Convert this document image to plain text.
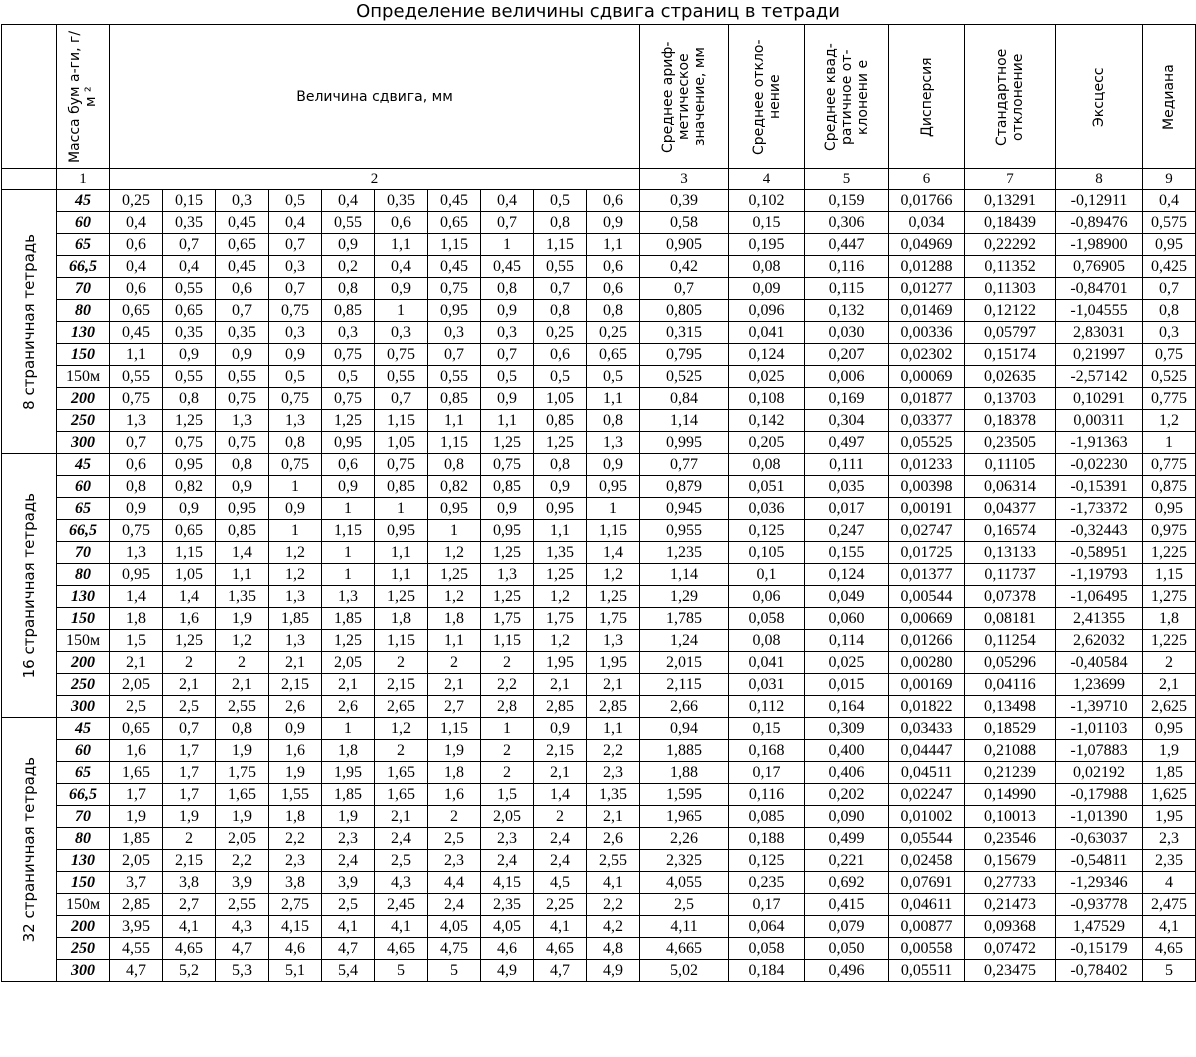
Определение величины сдвига страниц в тетради

	Масса бум а-ги, г/м ²	Величина сдвига, мм										Среднее ариф-метическое значение, мм	Среднее откло-нение	Среднее квад-ратичное от-клонени е	Дисперсия	Стандартное отклонение	Эксцесс	Медиана

	1	2										3	4	5	6	7	8	9

8 страничная тетрадь	45	0,25	0,15	0,3	0,5	0,4	0,35	0,45	0,4	0,5	0,6	0,39	0,102	0,159	0,01766	0,13291	-0,12911	0,4
	60	0,4	0,35	0,45	0,4	0,55	0,6	0,65	0,7	0,8	0,9	0,58	0,15	0,306	0,034	0,18439	-0,89476	0,575
	65	0,6	0,7	0,65	0,7	0,9	1,1	1,15	1	1,15	1,1	0,905	0,195	0,447	0,04969	0,22292	-1,98900	0,95
	66,5	0,4	0,4	0,45	0,3	0,2	0,4	0,45	0,45	0,55	0,6	0,42	0,08	0,116	0,01288	0,11352	0,76905	0,425
	70	0,6	0,55	0,6	0,7	0,8	0,9	0,75	0,8	0,7	0,6	0,7	0,09	0,115	0,01277	0,11303	-0,84701	0,7
	80	0,65	0,65	0,7	0,75	0,85	1	0,95	0,9	0,8	0,8	0,805	0,096	0,132	0,01469	0,12122	-1,04555	0,8
	130	0,45	0,35	0,35	0,3	0,3	0,3	0,3	0,3	0,25	0,25	0,315	0,041	0,030	0,00336	0,05797	2,83031	0,3
	150	1,1	0,9	0,9	0,9	0,75	0,75	0,7	0,7	0,6	0,65	0,795	0,124	0,207	0,02302	0,15174	0,21997	0,75
	150м	0,55	0,55	0,55	0,5	0,5	0,55	0,55	0,5	0,5	0,5	0,525	0,025	0,006	0,00069	0,02635	-2,57142	0,525
	200	0,75	0,8	0,75	0,75	0,75	0,7	0,85	0,9	1,05	1,1	0,84	0,108	0,169	0,01877	0,13703	0,10291	0,775
	250	1,3	1,25	1,3	1,3	1,25	1,15	1,1	1,1	0,85	0,8	1,14	0,142	0,304	0,03377	0,18378	0,00311	1,2
	300	0,7	0,75	0,75	0,8	0,95	1,05	1,15	1,25	1,25	1,3	0,995	0,205	0,497	0,05525	0,23505	-1,91363	1

16 страничная тетрадь	45	0,6	0,95	0,8	0,75	0,6	0,75	0,8	0,75	0,8	0,9	0,77	0,08	0,111	0,01233	0,11105	-0,02230	0,775
	60	0,8	0,82	0,9	1	0,9	0,85	0,82	0,85	0,9	0,95	0,879	0,051	0,035	0,00398	0,06314	-0,15391	0,875
	65	0,9	0,9	0,95	0,9	1	1	0,95	0,9	0,95	1	0,945	0,036	0,017	0,00191	0,04377	-1,73372	0,95
	66,5	0,75	0,65	0,85	1	1,15	0,95	1	0,95	1,1	1,15	0,955	0,125	0,247	0,02747	0,16574	-0,32443	0,975
	70	1,3	1,15	1,4	1,2	1	1,1	1,2	1,25	1,35	1,4	1,235	0,105	0,155	0,01725	0,13133	-0,58951	1,225
	80	0,95	1,05	1,1	1,2	1	1,1	1,25	1,3	1,25	1,2	1,14	0,1	0,124	0,01377	0,11737	-1,19793	1,15
	130	1,4	1,4	1,35	1,3	1,3	1,25	1,2	1,25	1,2	1,25	1,29	0,06	0,049	0,00544	0,07378	-1,06495	1,275
	150	1,8	1,6	1,9	1,85	1,85	1,8	1,8	1,75	1,75	1,75	1,785	0,058	0,060	0,00669	0,08181	2,41355	1,8
	150м	1,5	1,25	1,2	1,3	1,25	1,15	1,1	1,15	1,2	1,3	1,24	0,08	0,114	0,01266	0,11254	2,62032	1,225
	200	2,1	2	2	2,1	2,05	2	2	2	1,95	1,95	2,015	0,041	0,025	0,00280	0,05296	-0,40584	2
	250	2,05	2,1	2,1	2,15	2,1	2,15	2,1	2,2	2,1	2,1	2,115	0,031	0,015	0,00169	0,04116	1,23699	2,1
	300	2,5	2,5	2,55	2,6	2,6	2,65	2,7	2,8	2,85	2,85	2,66	0,112	0,164	0,01822	0,13498	-1,39710	2,625

32 страничная тетрадь	45	0,65	0,7	0,8	0,9	1	1,2	1,15	1	0,9	1,1	0,94	0,15	0,309	0,03433	0,18529	-1,01103	0,95
	60	1,6	1,7	1,9	1,6	1,8	2	1,9	2	2,15	2,2	1,885	0,168	0,400	0,04447	0,21088	-1,07883	1,9
	65	1,65	1,7	1,75	1,9	1,95	1,65	1,8	2	2,1	2,3	1,88	0,17	0,406	0,04511	0,21239	0,02192	1,85
	66,5	1,7	1,7	1,65	1,55	1,85	1,65	1,6	1,5	1,4	1,35	1,595	0,116	0,202	0,02247	0,14990	-0,17988	1,625
	70	1,9	1,9	1,9	1,8	1,9	2,1	2	2,05	2	2,1	1,965	0,085	0,090	0,01002	0,10013	-1,01390	1,95
	80	1,85	2	2,05	2,2	2,3	2,4	2,5	2,3	2,4	2,6	2,26	0,188	0,499	0,05544	0,23546	-0,63037	2,3
	130	2,05	2,15	2,2	2,3	2,4	2,5	2,3	2,4	2,4	2,55	2,325	0,125	0,221	0,02458	0,15679	-0,54811	2,35
	150	3,7	3,8	3,9	3,8	3,9	4,3	4,4	4,15	4,5	4,1	4,055	0,235	0,692	0,07691	0,27733	-1,29346	4
	150м	2,85	2,7	2,55	2,75	2,5	2,45	2,4	2,35	2,25	2,2	2,5	0,17	0,415	0,04611	0,21473	-0,93778	2,475
	200	3,95	4,1	4,3	4,15	4,1	4,1	4,05	4,05	4,1	4,2	4,11	0,064	0,079	0,00877	0,09368	1,47529	4,1
	250	4,55	4,65	4,7	4,6	4,7	4,65	4,75	4,6	4,65	4,8	4,665	0,058	0,050	0,00558	0,07472	-0,15179	4,65
	300	4,7	5,2	5,3	5,1	5,4	5	5	4,9	4,7	4,9	5,02	0,184	0,496	0,05511	0,23475	-0,78402	5
